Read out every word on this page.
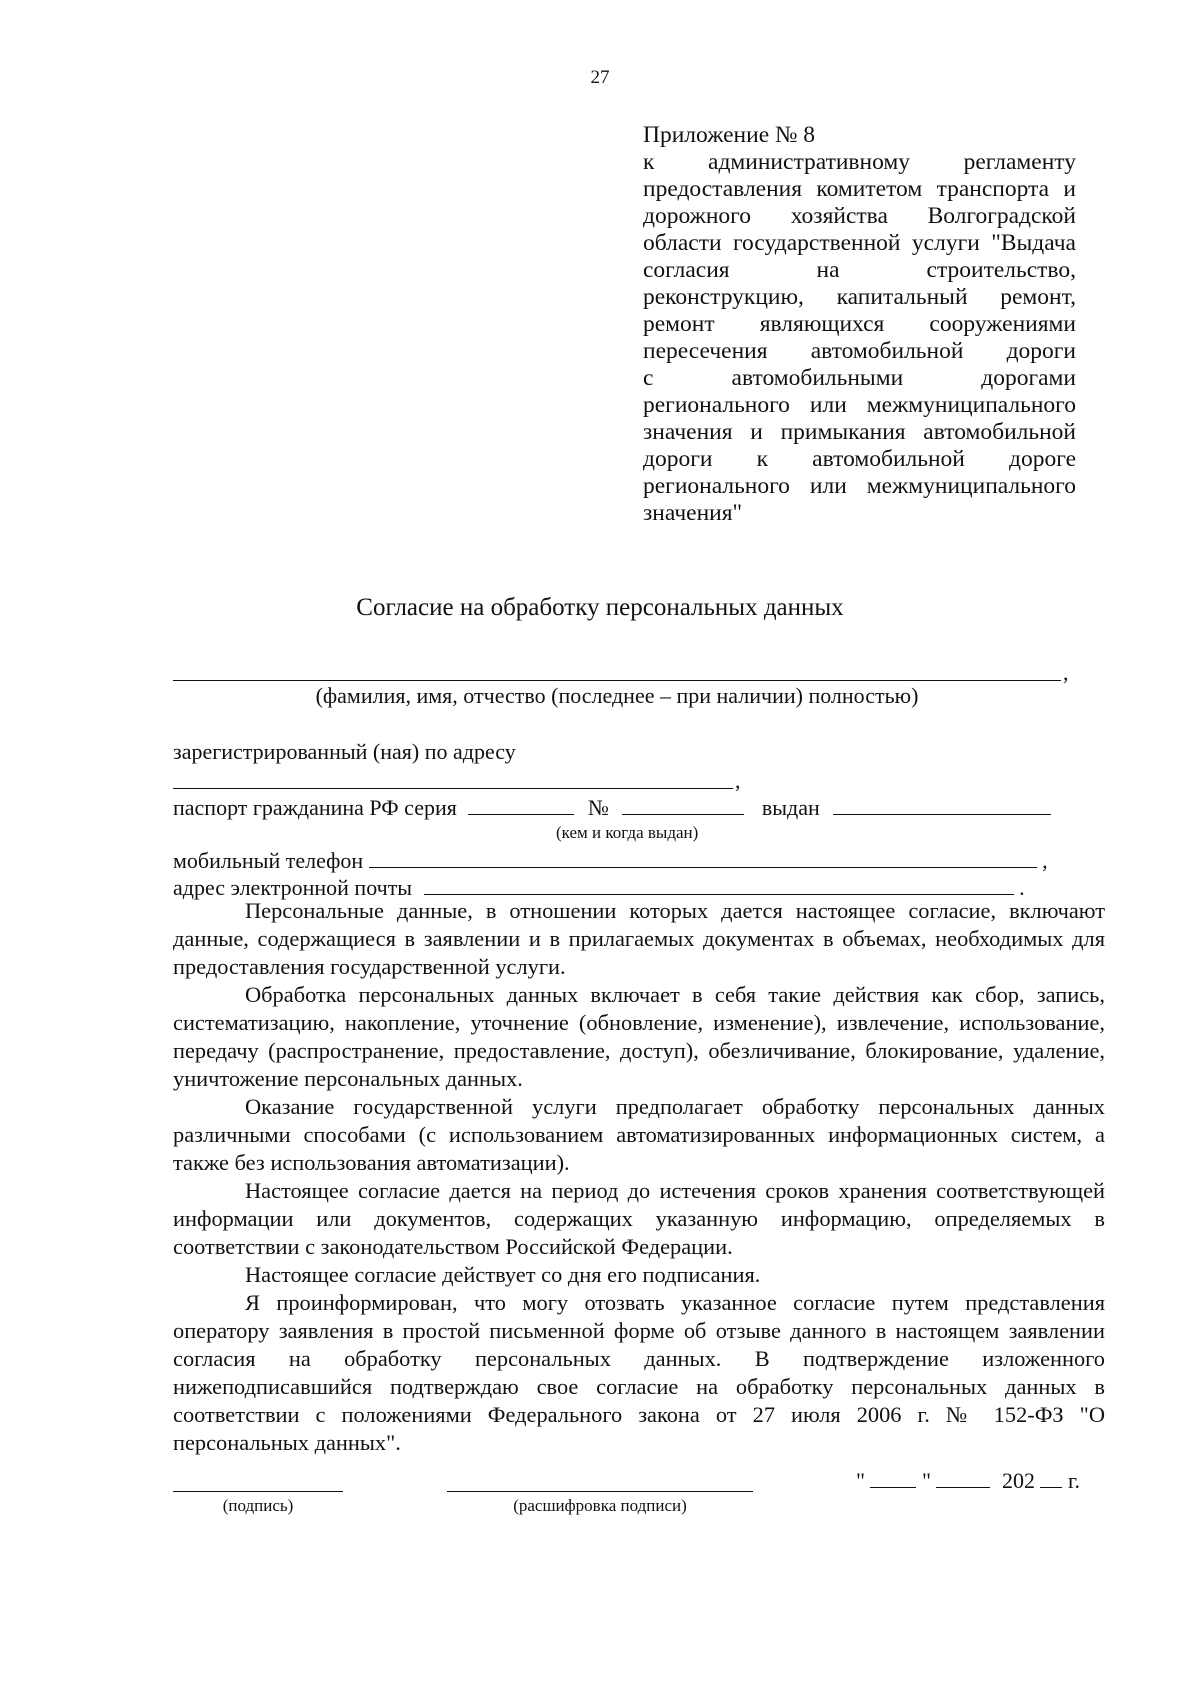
27
Приложение № 8
к административному регламенту
предоставления комитетом транспорта и
дорожного хозяйства Волгоградской
области государственной услуги "Выдача
согласия на строительство,
реконструкцию, капитальный ремонт,
ремонт являющихся сооружениями
пересечения автомобильной дороги
с автомобильными дорогами
регионального или межмуниципального
значения и примыкания автомобильной
дороги к автомобильной дороге
регионального или межмуниципального
значения"
Согласие на обработку персональных данных
,
(фамилия, имя, отчество (последнее – при наличии) полностью)
зарегистрированный (ная) по адресу
,
паспорт гражданина РФ серия	№	выдан
(кем и когда выдан)
мобильный телефон	,
адрес электронной почты	.

Персональные данные, в отношении которых дается настоящее согласие, включают данные, содержащиеся в заявлении и в прилагаемых документах в объемах, необходимых для предоставления государственной услуги.

Обработка персональных данных включает в себя такие действия как сбор, запись, систематизацию, накопление, уточнение (обновление, изменение), извлечение, использование, передачу (распространение, предоставление, доступ), обезличивание, блокирование, удаление, уничтожение персональных данных.

Оказание государственной услуги предполагает обработку персональных данных различными способами (с использованием автоматизированных информационных систем, а также без использования автоматизации).

Настоящее согласие дается на период до истечения сроков хранения соответствующей информации или документов, содержащих указанную информацию, определяемых в соответствии с законодательством Российской Федерации.

Настоящее согласие действует со дня его подписания.

Я проинформирован, что могу отозвать указанное согласие путем представления оператору заявления в простой письменной форме об отзыве данного в настоящем заявлении согласия на обработку персональных данных. В подтверждение изложенного нижеподписавшийся подтверждаю свое согласие на обработку персональных данных в соответствии с положениями Федерального закона от 27 июля 2006 г. № 152-ФЗ "О персональных данных".

(подпись)	(расшифровка подписи)
"	"	202 г.
